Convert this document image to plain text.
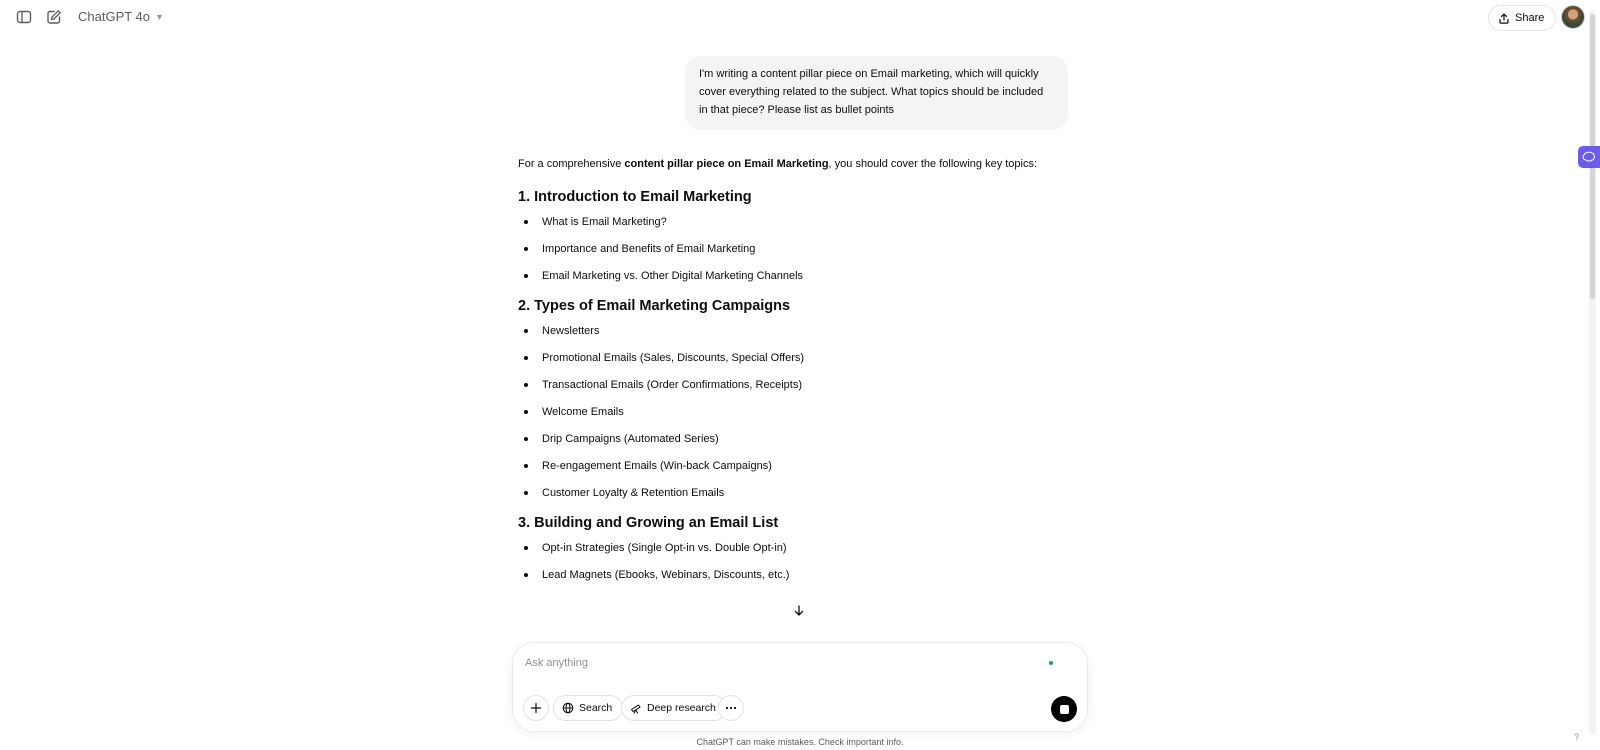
ChatGPT 4o ▼	Share
I'm writing a content pillar piece on Email marketing, which will quickly cover everything related to the subject. What topics should be included in that piece? Please list as bullet points

For a comprehensive content pillar piece on Email Marketing, you should cover the following key topics:

1. Introduction to Email Marketing
What is Email Marketing?
Importance and Benefits of Email Marketing
Email Marketing vs. Other Digital Marketing Channels
2. Types of Email Marketing Campaigns
Newsletters
Promotional Emails (Sales, Discounts, Special Offers)
Transactional Emails (Order Confirmations, Receipts)
Welcome Emails
Drip Campaigns (Automated Series)
Re-engagement Emails (Win-back Campaigns)
Customer Loyalty & Retention Emails
3. Building and Growing an Email List
Opt-in Strategies (Single Opt-in vs. Double Opt-in)
Lead Magnets (Ebooks, Webinars, Discounts, etc.)
Ask anything
Search	Deep research
ChatGPT can make mistakes. Check important info.	?
